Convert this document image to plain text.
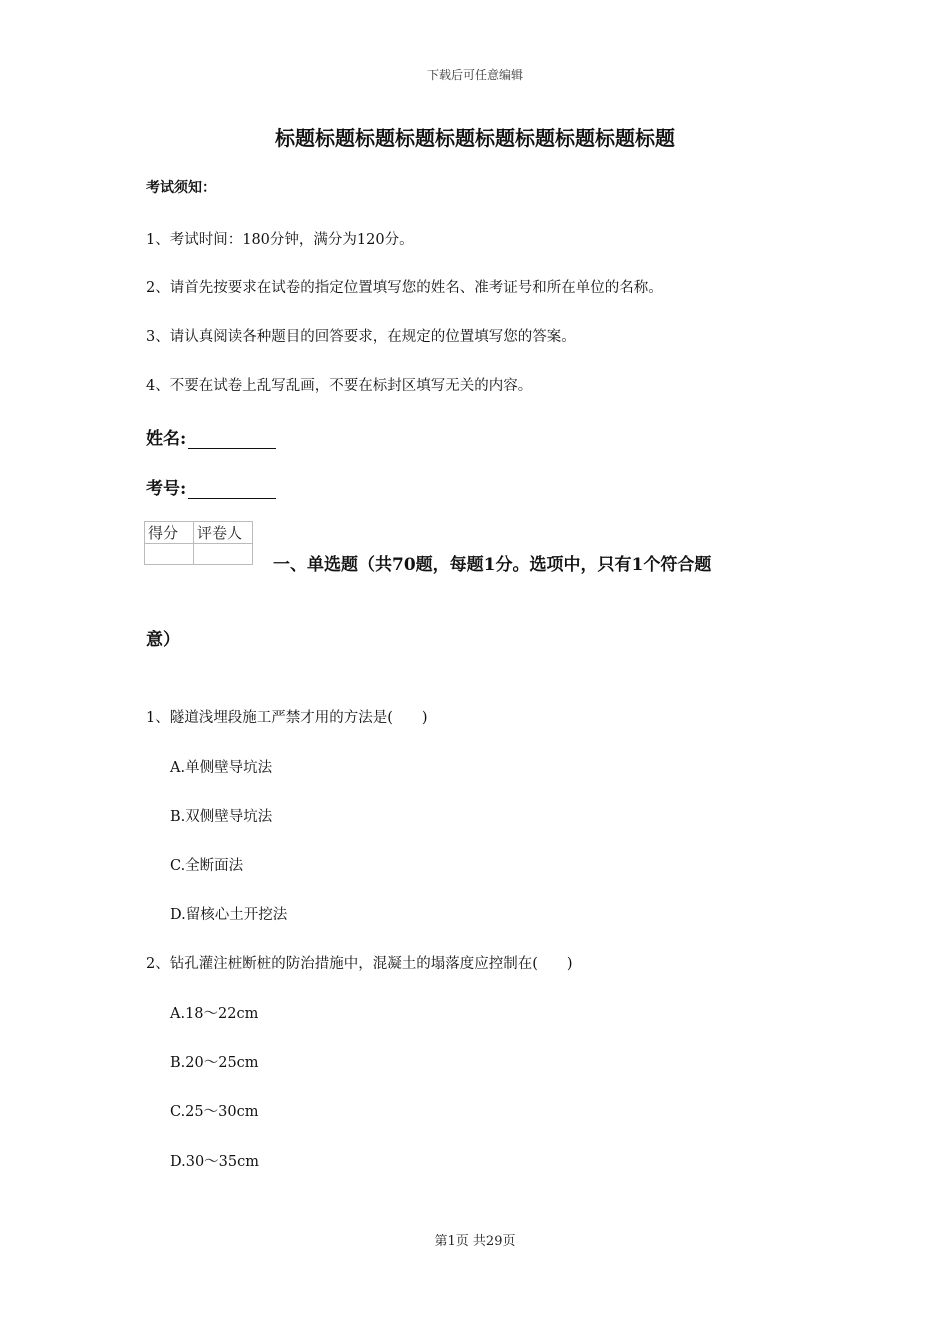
下载后可任意编辑
标题标题标题标题标题标题标题标题标题标题
考试须知：
1、考试时间：180分钟，满分为120分。
2、请首先按要求在试卷的指定位置填写您的姓名、准考证号和所在单位的名称。
3、请认真阅读各种题目的回答要求，在规定的位置填写您的答案。
4、不要在试卷上乱写乱画，不要在标封区填写无关的内容。
姓名:
考号:
得分	评卷人

一、单选题（共70题，每题1分。选项中，只有1个符合题
意）
1、隧道浅埋段施工严禁才用的方法是(　　)
A.单侧壁导坑法
B.双侧壁导坑法
C.全断面法
D.留核心土开挖法
2、钻孔灌注桩断桩的防治措施中，混凝土的塌落度应控制在(　　)
A.18～22cm
B.20～25cm
C.25～30cm
D.30～35cm
第1页 共29页
